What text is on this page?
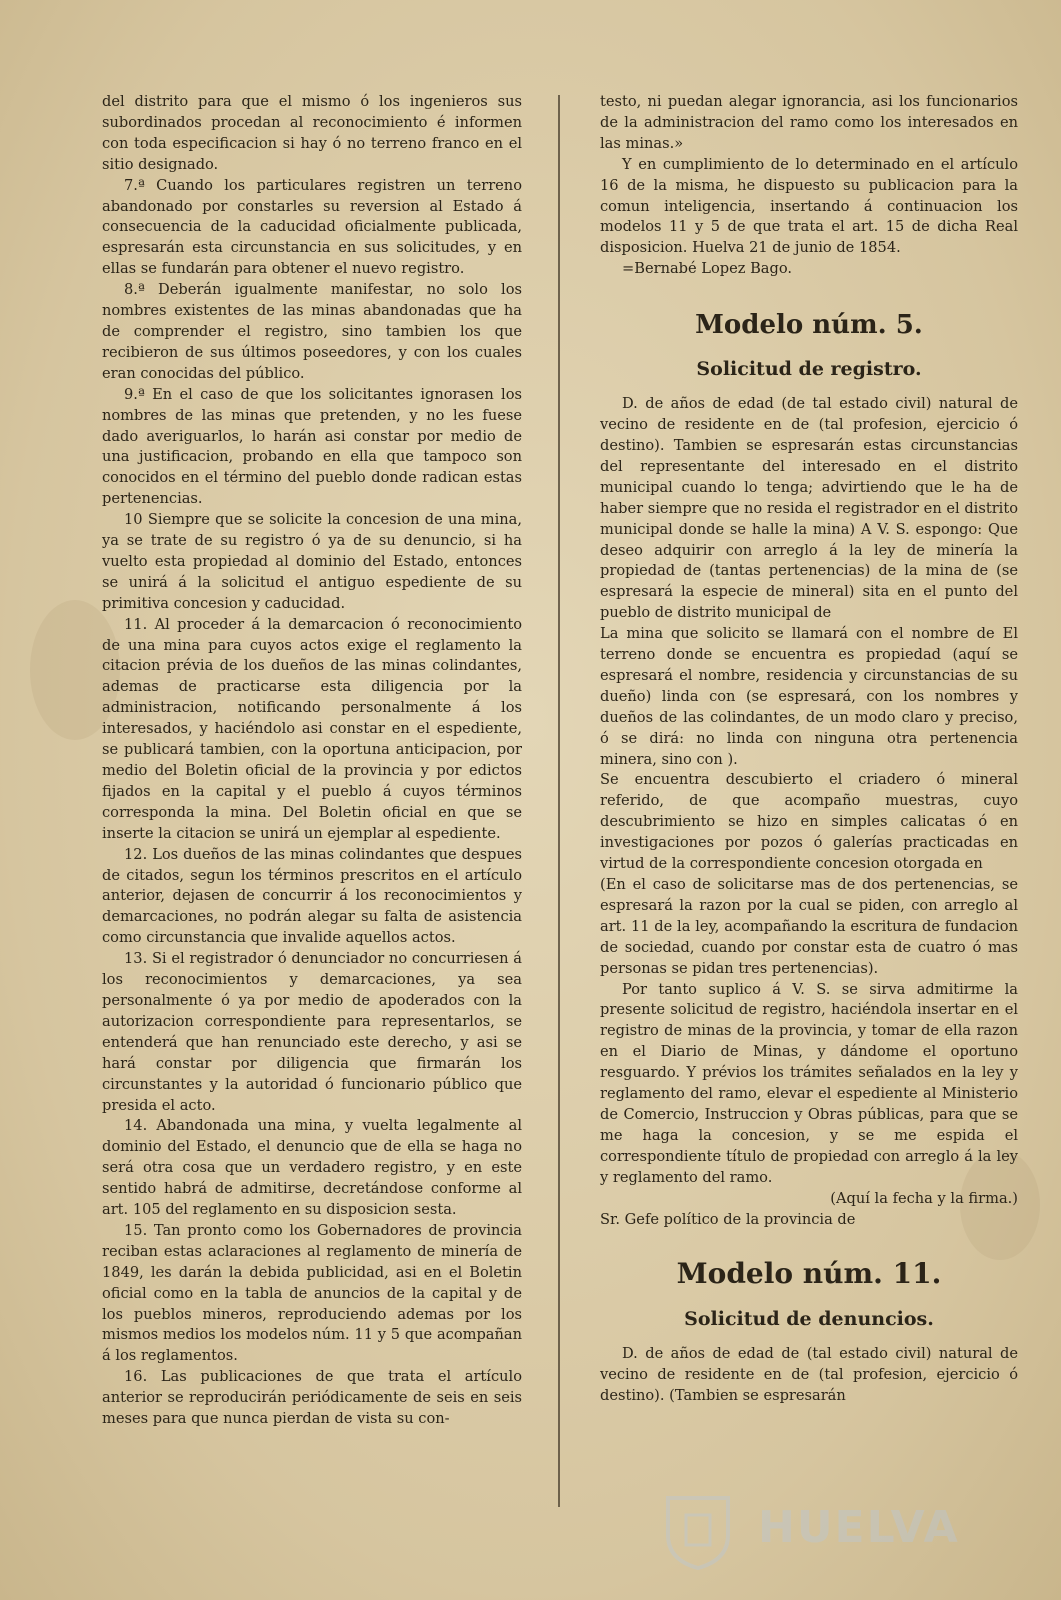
del distrito para que el mismo ó los ingenieros sus subordinados procedan al reconocimiento é informen con toda especificacion si hay ó no terreno franco en el sitio designado.

7.ª Cuando los particulares registren un terreno abandonado por constarles su reversion al Estado á consecuencia de la caducidad oficialmente publicada, espresarán esta circunstancia en sus solicitudes, y en ellas se fundarán para obtener el nuevo registro.

8.ª Deberán igualmente manifestar, no solo los nombres existentes de las minas abandonadas que ha de comprender el registro, sino tambien los que recibieron de sus últimos poseedores, y con los cuales eran conocidas del público.

9.ª En el caso de que los solicitantes ignorasen los nombres de las minas que pretenden, y no les fuese dado averiguarlos, lo harán asi constar por medio de una justificacion, probando en ella que tampoco son conocidos en el término del pueblo donde radican estas pertenencias.

10 Siempre que se solicite la concesion de una mina, ya se trate de su registro ó ya de su denuncio, si ha vuelto esta propiedad al dominio del Estado, entonces se unirá á la solicitud el antiguo espediente de su primitiva concesion y caducidad.

11. Al proceder á la demarcacion ó reconocimiento de una mina para cuyos actos exige el reglamento la citacion prévia de los dueños de las minas colindantes, ademas de practicarse esta diligencia por la administracion, notificando personalmente á los interesados, y haciéndolo asi constar en el espediente, se publicará tambien, con la oportuna anticipacion, por medio del Boletin oficial de la provincia y por edictos fijados en la capital y el pueblo á cuyos términos corresponda la mina. Del Boletin oficial en que se inserte la citacion se unirá un ejemplar al espediente.

12. Los dueños de las minas colindantes que despues de citados, segun los términos prescritos en el artículo anterior, dejasen de concurrir á los reconocimientos y demarcaciones, no podrán alegar su falta de asistencia como circunstancia que invalide aquellos actos.

13. Si el registrador ó denunciador no concurriesen á los reconocimientos y demarcaciones, ya sea personalmente ó ya por medio de apoderados con la autorizacion correspondiente para representarlos, se entenderá que han renunciado este derecho, y asi se hará constar por diligencia que firmarán los circunstantes y la autoridad ó funcionario público que presida el acto.

14. Abandonada una mina, y vuelta legalmente al dominio del Estado, el denuncio que de ella se haga no será otra cosa que un verdadero registro, y en este sentido habrá de admitirse, decretándose conforme al art. 105 del reglamento en su disposicion sesta.

15. Tan pronto como los Gobernadores de provincia reciban estas aclaraciones al reglamento de minería de 1849, les darán la debida publicidad, asi en el Boletin oficial como en la tabla de anuncios de la capital y de los pueblos mineros, reproduciendo ademas por los mismos medios los modelos núm. 11 y 5 que acompañan á los reglamentos.

16. Las publicaciones de que trata el artículo anterior se reproducirán periódicamente de seis en seis meses para que nunca pierdan de vista su con-

testo, ni puedan alegar ignorancia, asi los funcionarios de la administracion del ramo como los interesados en las minas.»

Y en cumplimiento de lo determinado en el artículo 16 de la misma, he dispuesto su publicacion para la comun inteligencia, insertando á continuacion los modelos 11 y 5 de que trata el art. 15 de dicha Real disposicion. Huelva 21 de junio de 1854.

=Bernabé Lopez Bago.

Modelo núm. 5.
Solicitud de registro.

D. de años de edad (de tal estado civil) natural de vecino de residente en de (tal profesion, ejercicio ó destino). Tambien se espresarán estas circunstancias del representante del interesado en el distrito municipal cuando lo tenga; advirtiendo que le ha de haber siempre que no resida el registrador en el distrito municipal donde se halle la mina) A V. S. espongo: Que deseo adquirir con arreglo á la ley de minería la propiedad de (tantas pertenencias) de la mina de (se espresará la especie de mineral) sita en el punto del pueblo de distrito municipal de

La mina que solicito se llamará con el nombre de El terreno donde se encuentra es propiedad (aquí se espresará el nombre, residencia y circunstancias de su dueño) linda con (se espresará, con los nombres y dueños de las colindantes, de un modo claro y preciso, ó se dirá: no linda con ninguna otra pertenencia minera, sino con ).

Se encuentra descubierto el criadero ó mineral referido, de que acompaño muestras, cuyo descubrimiento se hizo en simples calicatas ó en investigaciones por pozos ó galerías practicadas en virtud de la correspondiente concesion otorgada en

(En el caso de solicitarse mas de dos pertenencias, se espresará la razon por la cual se piden, con arreglo al art. 11 de la ley, acompañando la escritura de fundacion de sociedad, cuando por constar esta de cuatro ó mas personas se pidan tres pertenencias).

Por tanto suplico á V. S. se sirva admitirme la presente solicitud de registro, haciéndola insertar en el registro de minas de la provincia, y tomar de ella razon en el Diario de Minas, y dándome el oportuno resguardo. Y prévios los trámites señalados en la ley y reglamento del ramo, elevar el espediente al Ministerio de Comercio, Instruccion y Obras públicas, para que se me haga la concesion, y se me espida el correspondiente título de propiedad con arreglo á la ley y reglamento del ramo.

(Aquí la fecha y la firma.)

Sr. Gefe político de la provincia de

Modelo núm. 11.
Solicitud de denuncios.

D. de años de edad de (tal estado civil) natural de vecino de residente en de (tal profesion, ejercicio ó destino). (Tambien se espresarán

HUELVA
